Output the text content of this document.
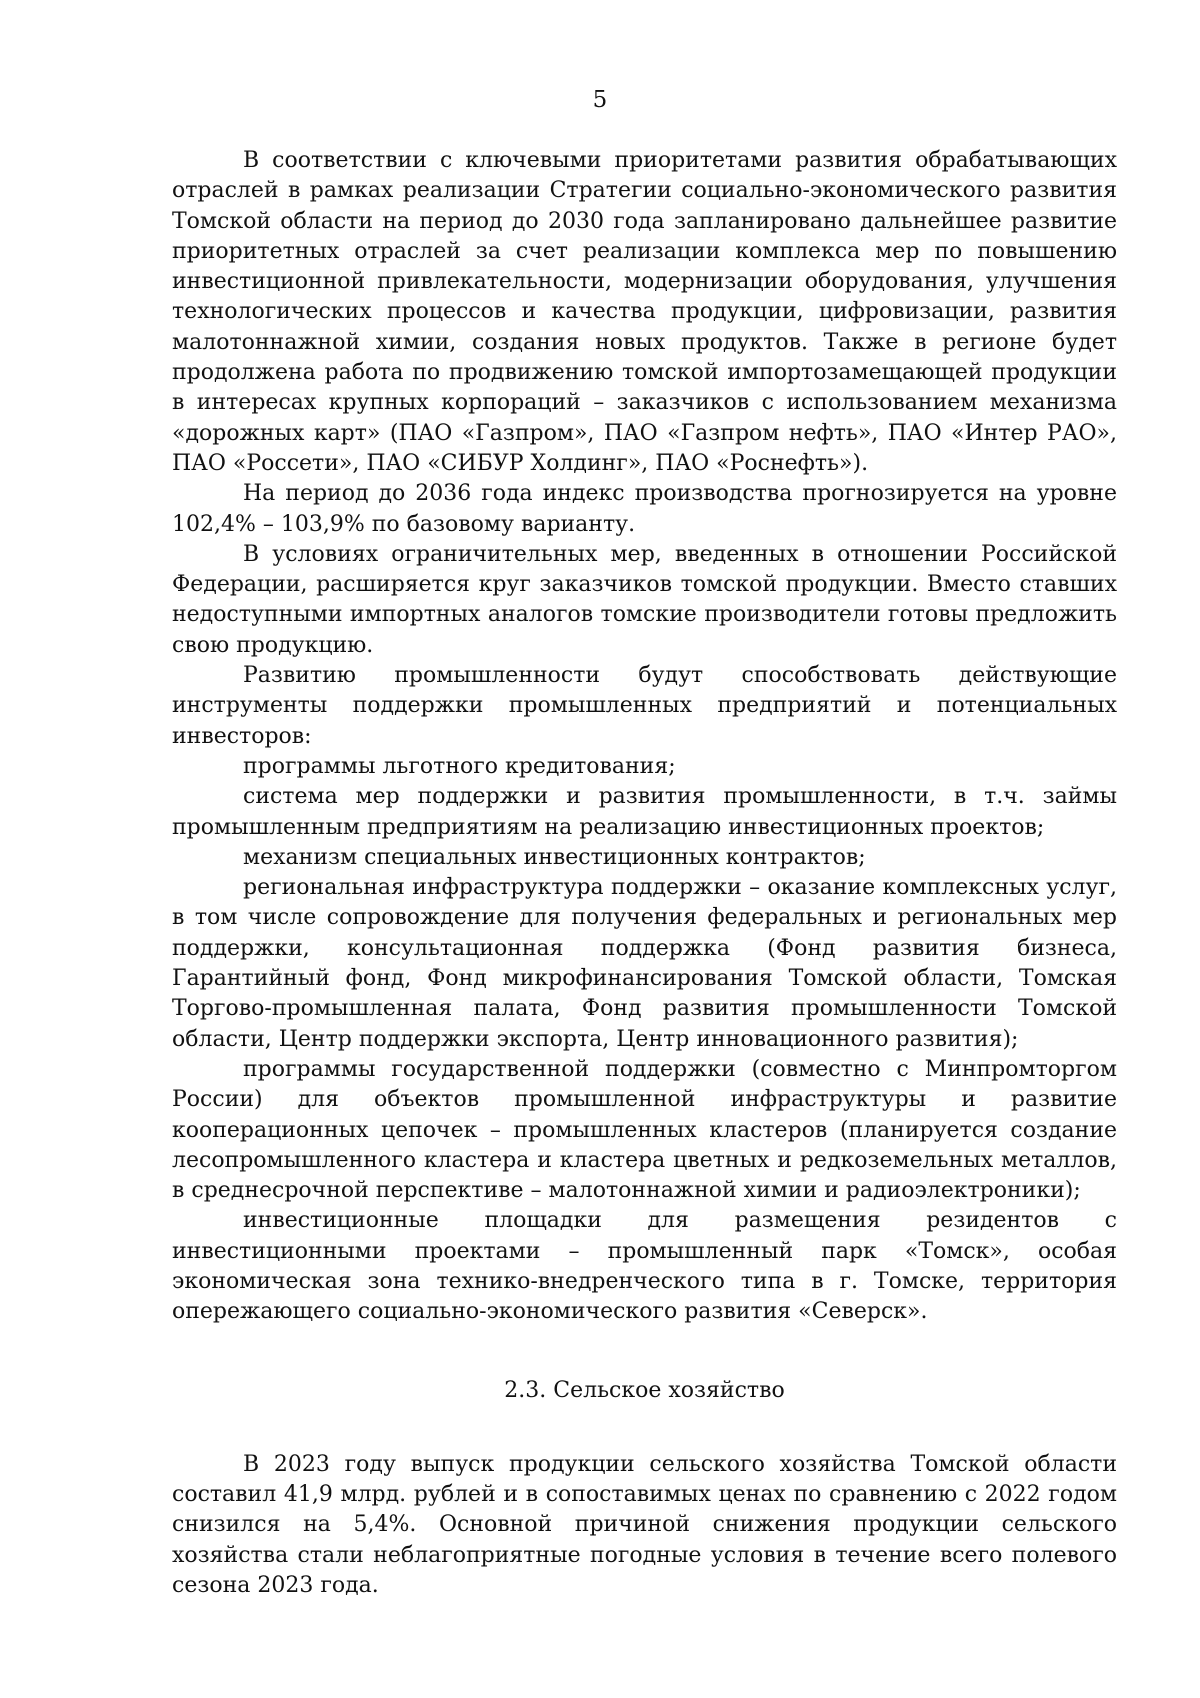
5

В соответствии с ключевыми приоритетами развития обрабатывающих отраслей в рамках реализации Стратегии социально-экономического развития Томской области на период до 2030 года запланировано дальнейшее развитие приоритетных отраслей за счет реализации комплекса мер по повышению инвестиционной привлекательности, модернизации оборудования, улучшения технологических процессов и качества продукции, цифровизации, развития малотоннажной химии, создания новых продуктов. Также в регионе будет продолжена работа по продвижению томской импортозамещающей продукции в интересах крупных корпораций – заказчиков с использованием механизма «дорожных карт» (ПАО «Газпром», ПАО «Газпром нефть», ПАО «Интер РАО», ПАО «Россети», ПАО «СИБУР Холдинг», ПАО «Роснефть»).

На период до 2036 года индекс производства прогнозируется на уровне 102,4% – 103,9% по базовому варианту.

В условиях ограничительных мер, введенных в отношении Российской Федерации, расширяется круг заказчиков томской продукции. Вместо ставших недоступными импортных аналогов томские производители готовы предложить свою продукцию.

Развитию промышленности будут способствовать действующие инструменты поддержки промышленных предприятий и потенциальных инвесторов:

программы льготного кредитования;

система мер поддержки и развития промышленности, в т.ч. займы промышленным предприятиям на реализацию инвестиционных проектов;

механизм специальных инвестиционных контрактов;

региональная инфраструктура поддержки – оказание комплексных услуг, в том числе сопровождение для получения федеральных и региональных мер поддержки, консультационная поддержка (Фонд развития бизнеса, Гарантийный фонд, Фонд микрофинансирования Томской области, Томская Торгово-промышленная палата, Фонд развития промышленности Томской области, Центр поддержки экспорта, Центр инновационного развития);

программы государственной поддержки (совместно с Минпромторгом России) для объектов промышленной инфраструктуры и развитие кооперационных цепочек – промышленных кластеров (планируется создание лесопромышленного кластера и кластера цветных и редкоземельных металлов, в среднесрочной перспективе – малотоннажной химии и радиоэлектроники);

инвестиционные площадки для размещения резидентов с инвестиционными проектами – промышленный парк «Томск», особая экономическая зона технико-внедренческого типа в г. Томске, территория опережающего социально-экономического развития «Северск».

2.3. Сельское хозяйство

В 2023 году выпуск продукции сельского хозяйства Томской области составил 41,9 млрд. рублей и в сопоставимых ценах по сравнению с 2022 годом снизился на 5,4%. Основной причиной снижения продукции сельского хозяйства стали неблагоприятные погодные условия в течение всего полевого сезона 2023 года.
